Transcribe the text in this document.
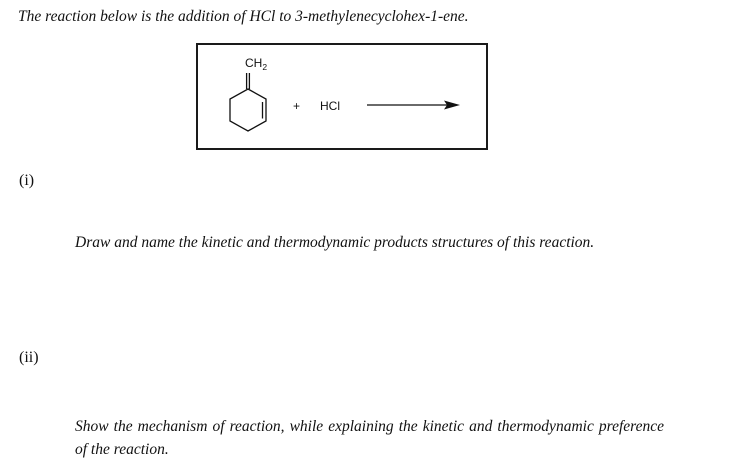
The reaction below is the addition of HCl to 3-methylenecyclohex-1-ene.
$CH_2$
+ HCl
(i)
Draw and name the kinetic and thermodynamic products structures of this reaction.
(ii)
Show the mechanism of reaction, while explaining the kinetic and thermodynamic preference of the reaction.
